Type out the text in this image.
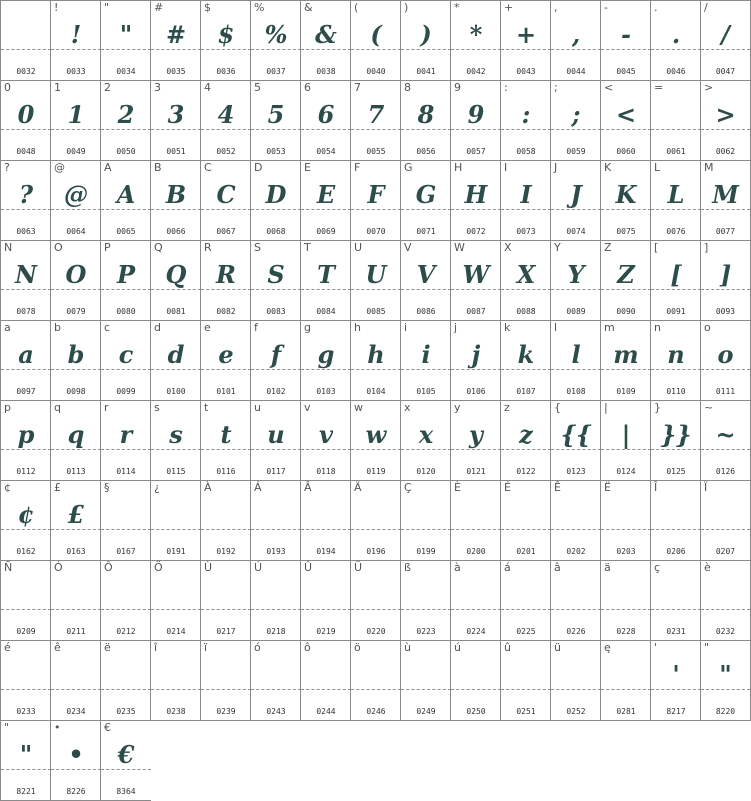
0032
!
!
0033
"
"
0034
#
#
0035
$
$
0036
%
%
0037
&
&
0038
(
(
0040
)
)
0041
*
*
0042
+
+
0043
,
,
0044
-
-
0045
.
.
0046
/
/
0047
0
0
0048
1
1
0049
2
2
0050
3
3
0051
4
4
0052
5
5
0053
6
6
0054
7
7
0055
8
8
0056
9
9
0057
:
:
0058
;
;
0059
<
<
0060
=
0061
>
>
0062
?
?
0063
@
@
0064
A
A
0065
B
B
0066
C
C
0067
D
D
0068
E
E
0069
F
F
0070
G
G
0071
H
H
0072
I
I
0073
J
J
0074
K
K
0075
L
L
0076
M
M
0077
N
N
0078
O
O
0079
P
P
0080
Q
Q
0081
R
R
0082
S
S
0083
T
T
0084
U
U
0085
V
V
0086
W
W
0087
X
X
0088
Y
Y
0089
Z
Z
0090
[
[
0091
]
]
0093
a
a
0097
b
b
0098
c
c
0099
d
d
0100
e
e
0101
f
f
0102
g
g
0103
h
h
0104
i
i
0105
j
j
0106
k
k
0107
l
l
0108
m
m
0109
n
n
0110
o
o
0111
p
p
0112
q
q
0113
r
r
0114
s
s
0115
t
t
0116
u
u
0117
v
v
0118
w
w
0119
x
x
0120
y
y
0121
z
z
0122
{
{{
0123
|
|
0124
}
}}
0125
~
~
0126
¢
¢
0162
£
£
0163
§
0167
¿
0191
À
0192
Á
0193
Â
0194
Ä
0196
Ç
0199
È
0200
É
0201
Ê
0202
Ë
0203
Î
0206
Ï
0207
Ñ
0209
Ó
0211
Ô
0212
Ö
0214
Ù
0217
Ú
0218
Û
0219
Ü
0220
ß
0223
à
0224
á
0225
â
0226
ä
0228
ç
0231
è
0232
é
0233
ê
0234
ë
0235
î
0238
ï
0239
ó
0243
ô
0244
ö
0246
ù
0249
ú
0250
û
0251
ü
0252
ę
0281
'
'
8217
"
"
8220
"
"
8221
•
•
8226
€
€
8364
